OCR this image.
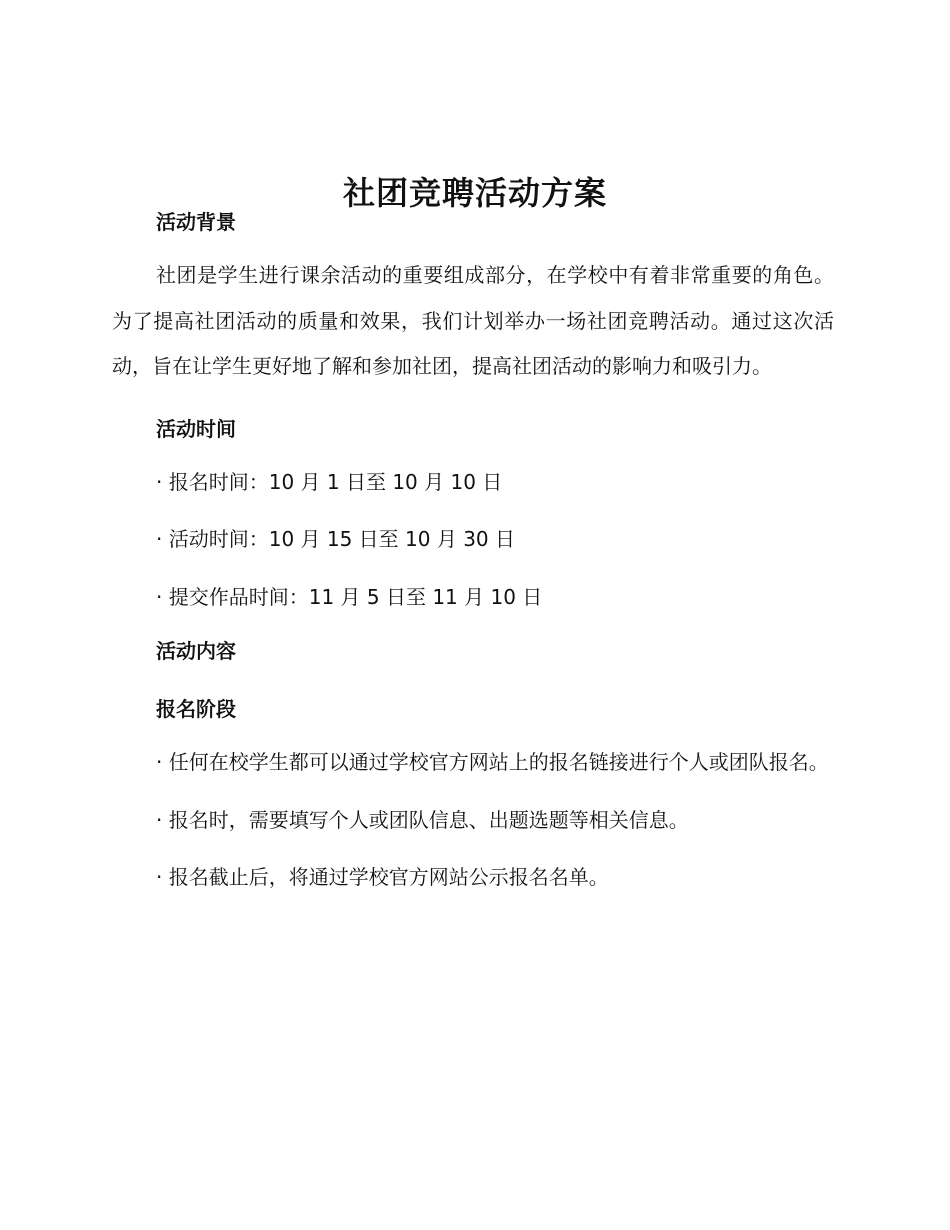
社团竞聘活动方案
活动背景

社团是学生进行课余活动的重要组成部分，在学校中有着非常重要的角色。为了提高社团活动的质量和效果，我们计划举办一场社团竞聘活动。通过这次活动，旨在让学生更好地了解和参加社团，提高社团活动的影响力和吸引力。

活动时间

· 报名时间：10 月 1 日至 10 月 10 日

· 活动时间：10 月 15 日至 10 月 30 日

· 提交作品时间：11 月 5 日至 11 月 10 日

活动内容
报名阶段

· 任何在校学生都可以通过学校官方网站上的报名链接进行个人或团队报名。

· 报名时，需要填写个人或团队信息、出题选题等相关信息。

· 报名截止后，将通过学校官方网站公示报名名单。
